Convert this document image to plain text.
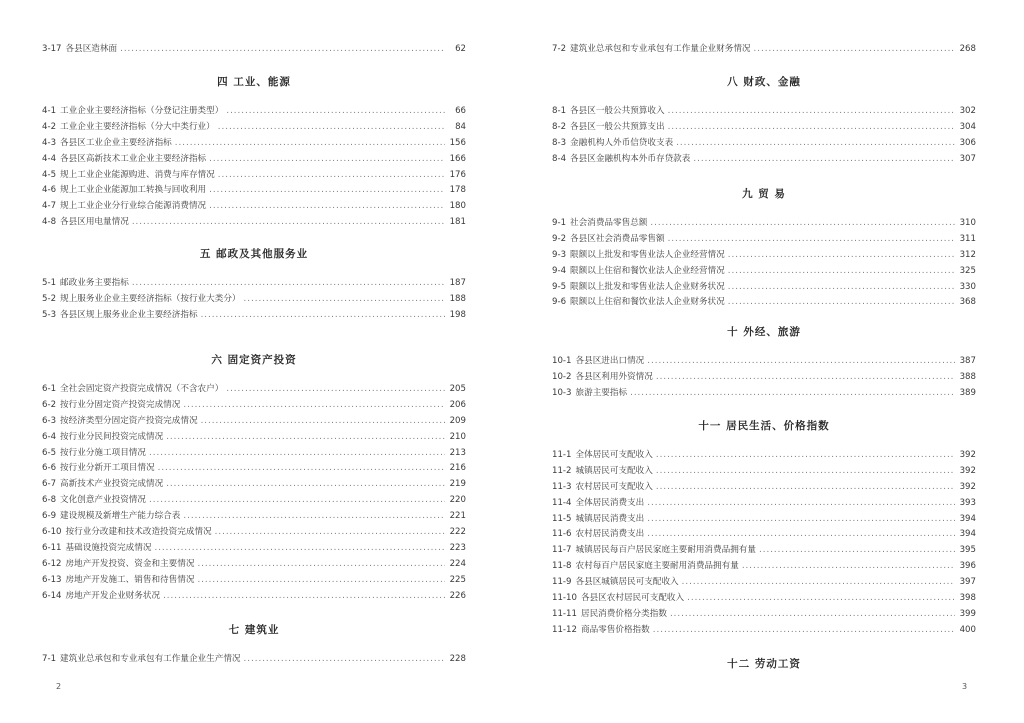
3-17 各县区造林面 .....	62
四 工业、能源
4-1 工业企业主要经济指标（分登记注册类型） .....	66
4-2 工业企业主要经济指标（分大中类行业） .....	84
4-3 各县区工业企业主要经济指标 .....	156
4-4 各县区高新技术工业企业主要经济指标 .....	166
4-5 规上工业企业能源购进、消费与库存情况 .....	176
4-6 规上工业企业能源加工转换与回收利用 .....	178
4-7 规上工业企业分行业综合能源消费情况 .....	180
4-8 各县区用电量情况 .....	181
五 邮政及其他服务业
5-1 邮政业务主要指标 .....	187
5-2 规上服务业企业主要经济指标（按行业大类分） .....	188
5-3 各县区规上服务业企业主要经济指标 .....	198
六 固定资产投资
6-1 全社会固定资产投资完成情况（不含农户） .....	205
6-2 按行业分固定资产投资完成情况 .....	206
6-3 按经济类型分固定资产投资完成情况 .....	209
6-4 按行业分民间投资完成情况 .....	210
6-5 按行业分施工项目情况 .....	213
6-6 按行业分新开工项目情况 .....	216
6-7 高新技术产业投资完成情况 .....	219
6-8 文化创意产业投资情况 .....	220
6-9 建设规模及新增生产能力综合表 .....	221
6-10 按行业分改建和技术改造投资完成情况 .....	222
6-11 基础设施投资完成情况 .....	223
6-12 房地产开发投资、资金和主要情况 .....	224
6-13 房地产开发施工、销售和待售情况 .....	225
6-14 房地产开发企业财务状况 .....	226
七 建筑业
7-1 建筑业总承包和专业承包有工作量企业生产情况 .....	228
7-2 建筑业总承包和专业承包有工作量企业财务情况 .....	268
八 财政、金融
8-1 各县区一般公共预算收入 .....	302
8-2 各县区一般公共预算支出 .....	304
8-3 金融机构人外币信贷收支表 .....	306
8-4 各县区金融机构本外币存贷款表 .....	307
九 贸 易
9-1 社会消费品零售总额 .....	310
9-2 各县区社会消费品零售额 .....	311
9-3 限额以上批发和零售业法人企业经营情况 .....	312
9-4 限额以上住宿和餐饮业法人企业经营情况 .....	325
9-5 限额以上批发和零售业法人企业财务状况 .....	330
9-6 限额以上住宿和餐饮业法人企业财务状况 .....	368
十 外经、旅游
10-1 各县区进出口情况 .....	387
10-2 各县区利用外资情况 .....	388
10-3 旅游主要指标 .....	389
十一 居民生活、价格指数
11-1 全体居民可支配收入 .....	392
11-2 城镇居民可支配收入 .....	392
11-3 农村居民可支配收入 .....	392
11-4 全体居民消费支出 .....	393
11-5 城镇居民消费支出 .....	394
11-6 农村居民消费支出 .....	394
11-7 城镇居民每百户居民家庭主要耐用消费品拥有量 .....	395
11-8 农村每百户居民家庭主要耐用消费品拥有量 .....	396
11-9 各县区城镇居民可支配收入 .....	397
11-10 各县区农村居民可支配收入 .....	398
11-11 居民消费价格分类指数 .....	399
11-12 商品零售价格指数 .....	400
十二 劳动工资
2	3
